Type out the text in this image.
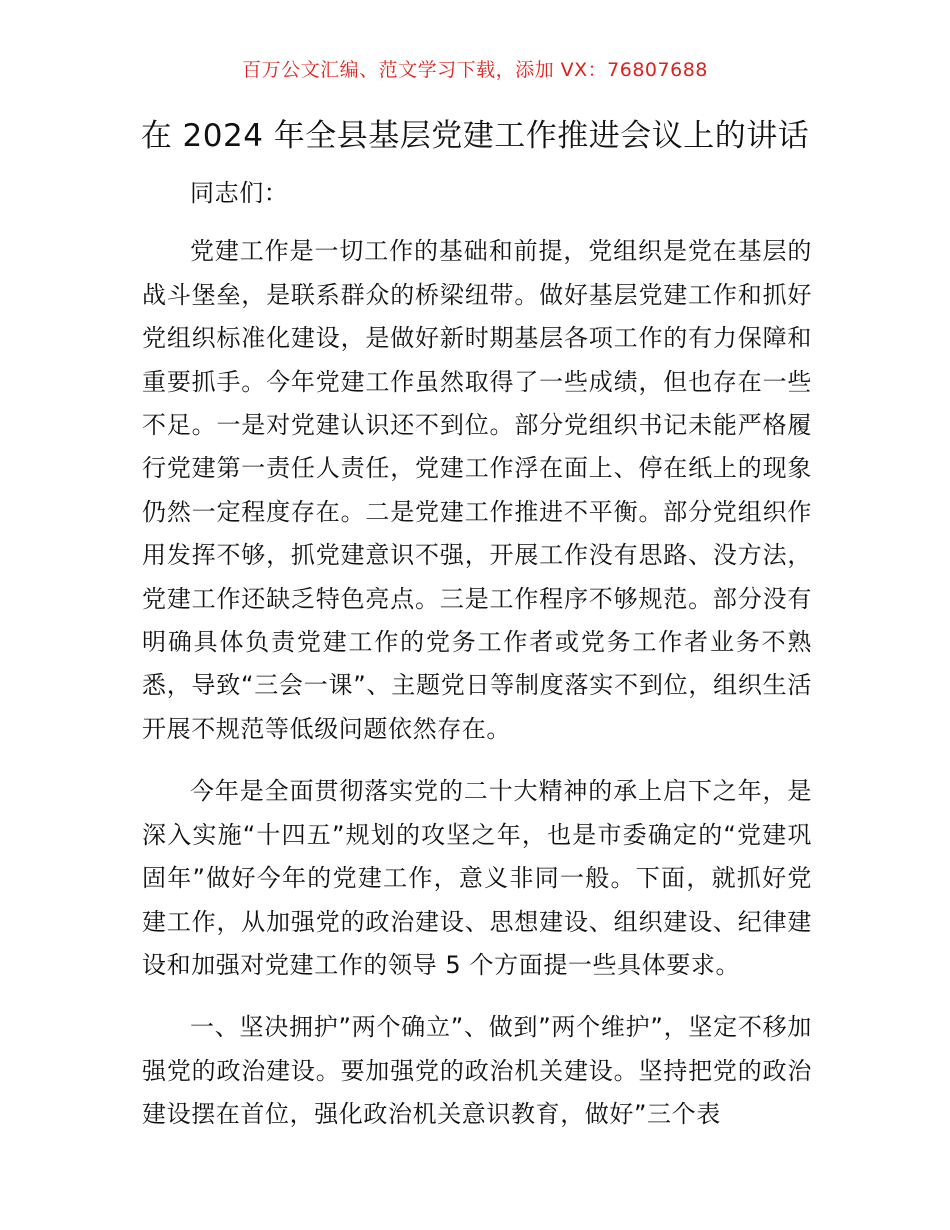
百万公文汇编、范文学习下载，添加 VX：76807688
在 2024 年全县基层党建工作推进会议上的讲话

同志们：

党建工作是一切工作的基础和前提，党组织是党在基层的战斗堡垒，是联系群众的桥梁纽带。做好基层党建工作和抓好党组织标准化建设，是做好新时期基层各项工作的有力保障和重要抓手。今年党建工作虽然取得了一些成绩，但也存在一些不足。一是对党建认识还不到位。部分党组织书记未能严格履行党建第一责任人责任，党建工作浮在面上、停在纸上的现象仍然一定程度存在。二是党建工作推进不平衡。部分党组织作用发挥不够，抓党建意识不强，开展工作没有思路、没方法，党建工作还缺乏特色亮点。三是工作程序不够规范。部分没有明确具体负责党建工作的党务工作者或党务工作者业务不熟悉，导致“三会一课”、主题党日等制度落实不到位，组织生活开展不规范等低级问题依然存在。

今年是全面贯彻落实党的二十大精神的承上启下之年，是深入实施“十四五”规划的攻坚之年，也是市委确定的“党建巩固年”做好今年的党建工作，意义非同一般。下面，就抓好党建工作，从加强党的政治建设、思想建设、组织建设、纪律建设和加强对党建工作的领导 5 个方面提一些具体要求。

一、坚决拥护”两个确立”、做到”两个维护”，坚定不移加强党的政治建设。要加强党的政治机关建设。坚持把党的政治建设摆在首位，强化政治机关意识教育，做好”三个表
